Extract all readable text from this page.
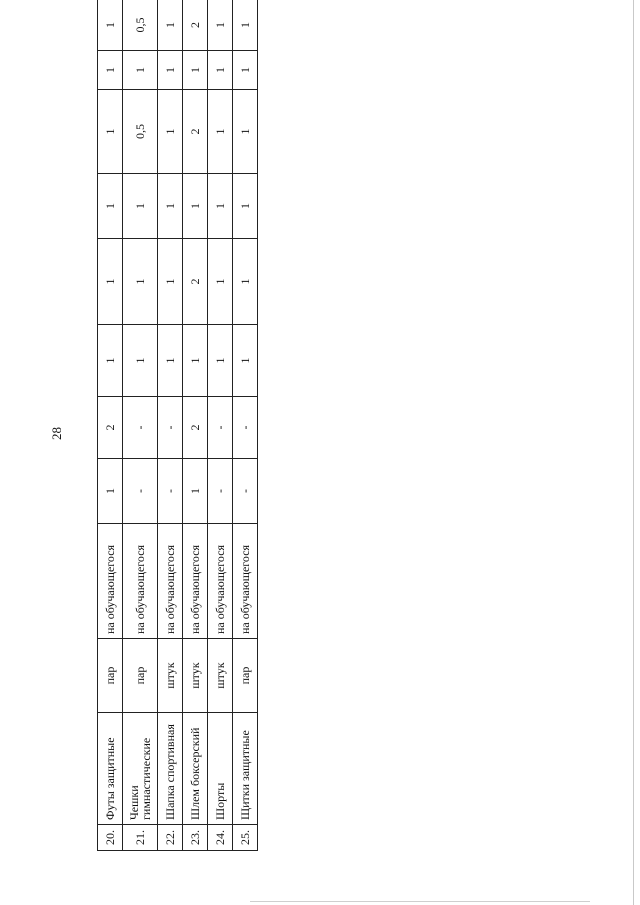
28
20.	Футы защитные	пар	на обучающегося	1	2	1	1	1	1	1	1
21.	Чешки гимнастические	пар	на обучающегося	-	-	1	1	1	0,5	1	0,5
22.	Шапка спортивная	штук	на обучающегося	-	-	1	1	1	1	1	1
23.	Шлем боксерский	штук	на обучающегося	1	2	1	2	1	2	1	2
24.	Шорты	штук	на обучающегося	-	-	1	1	1	1	1	1
25.	Щитки защитные	пар	на обучающегося	-	-	1	1	1	1	1	1
